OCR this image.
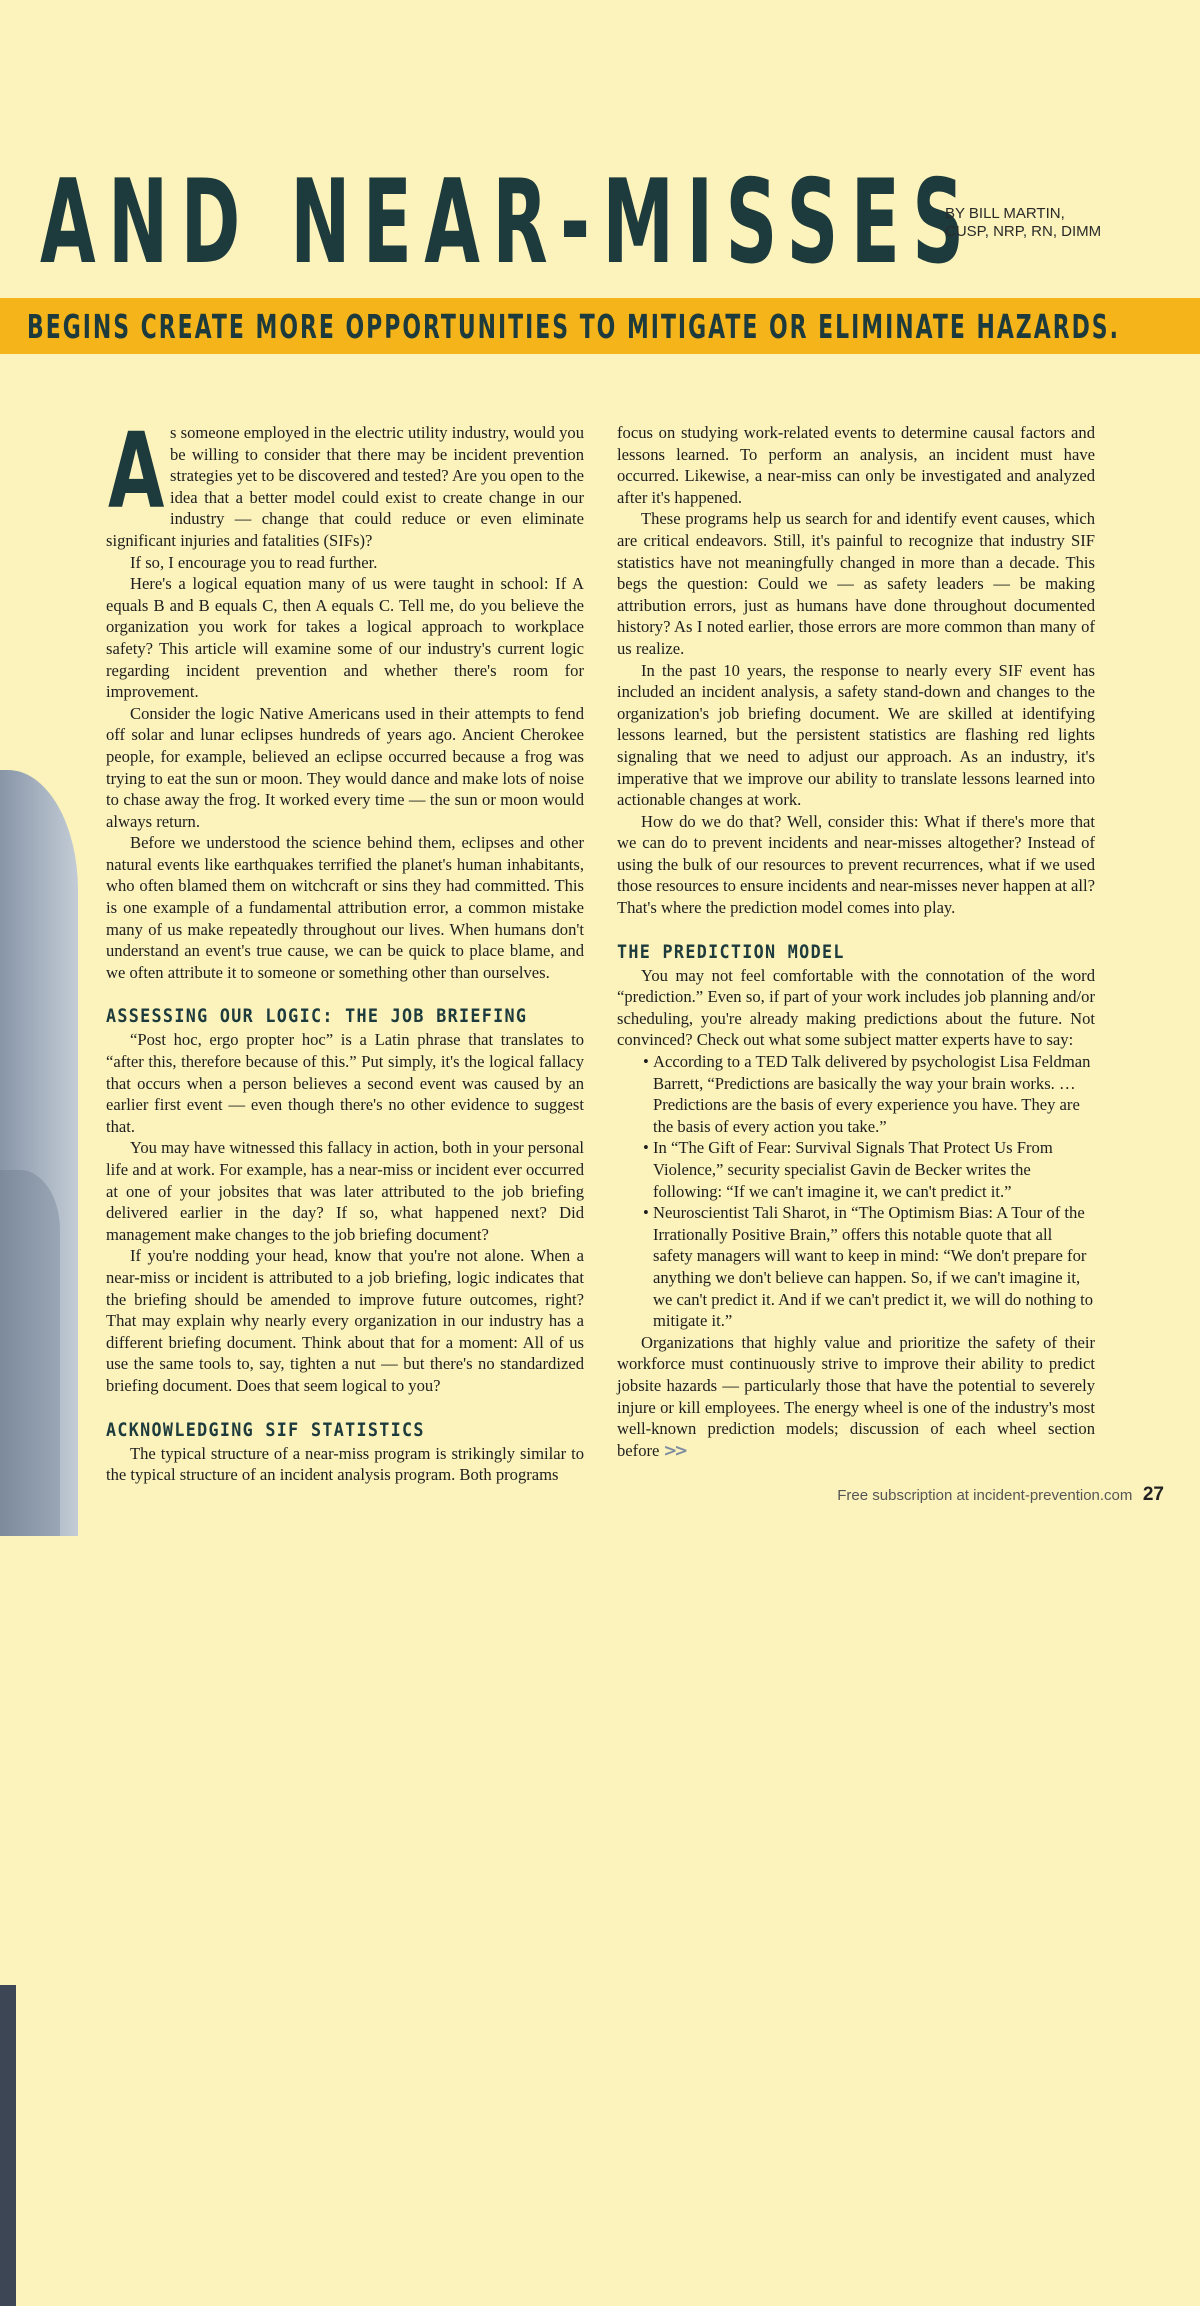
AND NEAR-MISSES
BY BILL MARTIN,
CUSP, NRP, RN, DIMM
BEGINS CREATE MORE OPPORTUNITIES TO MITIGATE OR ELIMINATE HAZARDS.

As someone employed in the electric utility industry, would you be willing to consider that there may be incident prevention strategies yet to be discovered and tested? Are you open to the idea that a better model could exist to create change in our industry — change that could reduce or even eliminate significant injuries and fatalities (SIFs)?

If so, I encourage you to read further.

Here's a logical equation many of us were taught in school: If A equals B and B equals C, then A equals C. Tell me, do you believe the organization you work for takes a logical approach to workplace safety? This article will examine some of our industry's current logic regarding incident prevention and whether there's room for improvement.

Consider the logic Native Americans used in their attempts to fend off solar and lunar eclipses hundreds of years ago. Ancient Cherokee people, for example, believed an eclipse occurred because a frog was trying to eat the sun or moon. They would dance and make lots of noise to chase away the frog. It worked every time — the sun or moon would always return.

Before we understood the science behind them, eclipses and other natural events like earthquakes terrified the planet's human inhabitants, who often blamed them on witchcraft or sins they had committed. This is one example of a fundamental attribution error, a common mistake many of us make repeatedly throughout our lives. When humans don't understand an event's true cause, we can be quick to place blame, and we often attribute it to someone or something other than ourselves.

ASSESSING OUR LOGIC: THE JOB BRIEFING

“Post hoc, ergo propter hoc” is a Latin phrase that translates to “after this, therefore because of this.” Put simply, it's the logical fallacy that occurs when a person believes a second event was caused by an earlier first event — even though there's no other evidence to suggest that.

You may have witnessed this fallacy in action, both in your personal life and at work. For example, has a near-miss or incident ever occurred at one of your jobsites that was later attributed to the job briefing delivered earlier in the day? If so, what happened next? Did management make changes to the job briefing document?

If you're nodding your head, know that you're not alone. When a near-miss or incident is attributed to a job briefing, logic indicates that the briefing should be amended to improve future outcomes, right? That may explain why nearly every organization in our industry has a different briefing document. Think about that for a moment: All of us use the same tools to, say, tighten a nut — but there's no standardized briefing document. Does that seem logical to you?

ACKNOWLEDGING SIF STATISTICS

The typical structure of a near-miss program is strikingly similar to the typical structure of an incident analysis program. Both programs

focus on studying work-related events to determine causal factors and lessons learned. To perform an analysis, an incident must have occurred. Likewise, a near-miss can only be investigated and analyzed after it's happened.

These programs help us search for and identify event causes, which are critical endeavors. Still, it's painful to recognize that industry SIF statistics have not meaningfully changed in more than a decade. This begs the question: Could we — as safety leaders — be making attribution errors, just as humans have done throughout documented history? As I noted earlier, those errors are more common than many of us realize.

In the past 10 years, the response to nearly every SIF event has included an incident analysis, a safety stand-down and changes to the organization's job briefing document. We are skilled at identifying lessons learned, but the persistent statistics are flashing red lights signaling that we need to adjust our approach. As an industry, it's imperative that we improve our ability to translate lessons learned into actionable changes at work.

How do we do that? Well, consider this: What if there's more that we can do to prevent incidents and near-misses altogether? Instead of using the bulk of our resources to prevent recurrences, what if we used those resources to ensure incidents and near-misses never happen at all? That's where the prediction model comes into play.

THE PREDICTION MODEL

You may not feel comfortable with the connotation of the word “prediction.” Even so, if part of your work includes job planning and/or scheduling, you're already making predictions about the future. Not convinced? Check out what some subject matter experts have to say:

• According to a TED Talk delivered by psychologist Lisa Feldman Barrett, “Predictions are basically the way your brain works. … Predictions are the basis of every experience you have. They are the basis of every action you take.”
• In “The Gift of Fear: Survival Signals That Protect Us From Violence,” security specialist Gavin de Becker writes the following: “If we can't imagine it, we can't predict it.”
• Neuroscientist Tali Sharot, in “The Optimism Bias: A Tour of the Irrationally Positive Brain,” offers this notable quote that all safety managers will want to keep in mind: “We don't prepare for anything we don't believe can happen. So, if we can't imagine it, we can't predict it. And if we can't predict it, we will do nothing to mitigate it.”

Organizations that highly value and prioritize the safety of their workforce must continuously strive to improve their ability to predict jobsite hazards — particularly those that have the potential to severely injure or kill employees. The energy wheel is one of the industry's most well-known prediction models; discussion of each wheel section before >>

Free subscription at incident-prevention.com 27
